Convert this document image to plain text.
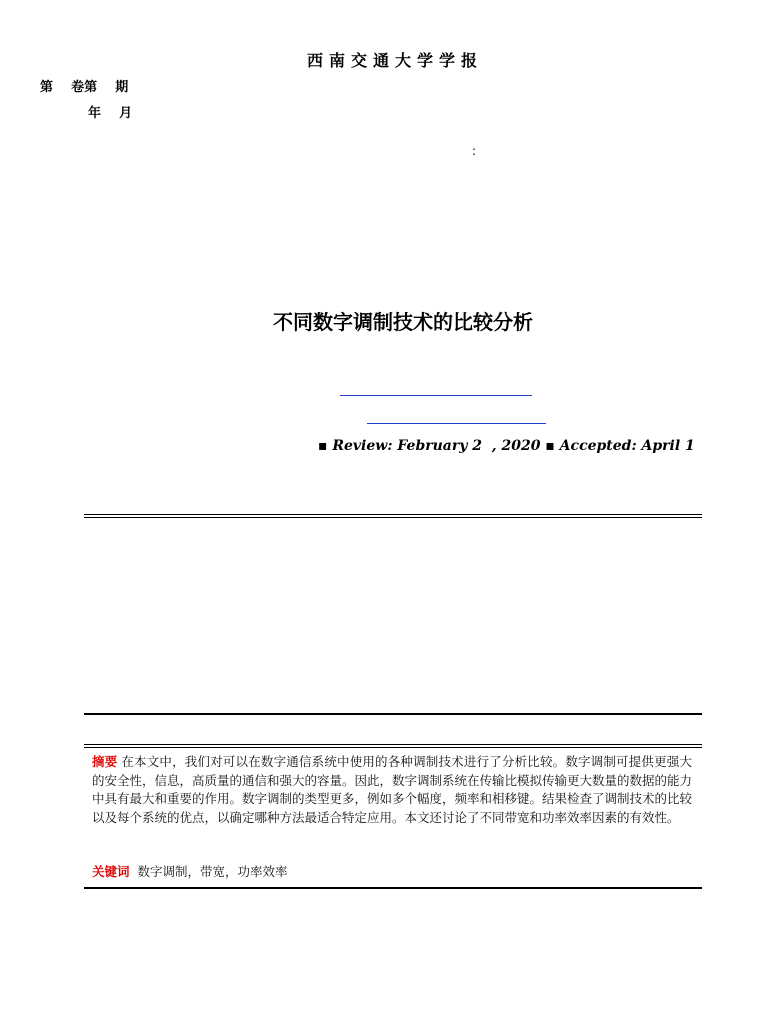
西南交通大学学报
第    卷第    期
年    月
:
不同数字调制技术的比较分析
▪ Review: February 2  , 2020 ▪ Accepted: April 1
摘要 在本文中，我们对可以在数字通信系统中使用的各种调制技术进行了分析比较。数字调制可提供更强大的安全性，信息，高质量的通信和强大的容量。因此，数字调制系统在传输比模拟传输更大数量的数据的能力中具有最大和重要的作用。数字调制的类型更多，例如多个幅度，频率和相移键。结果检查了调制技术的比较以及每个系统的优点，以确定哪种方法最适合特定应用。本文还讨论了不同带宽和功率效率因素的有效性。
关键词 数字调制，带宽，功率效率
